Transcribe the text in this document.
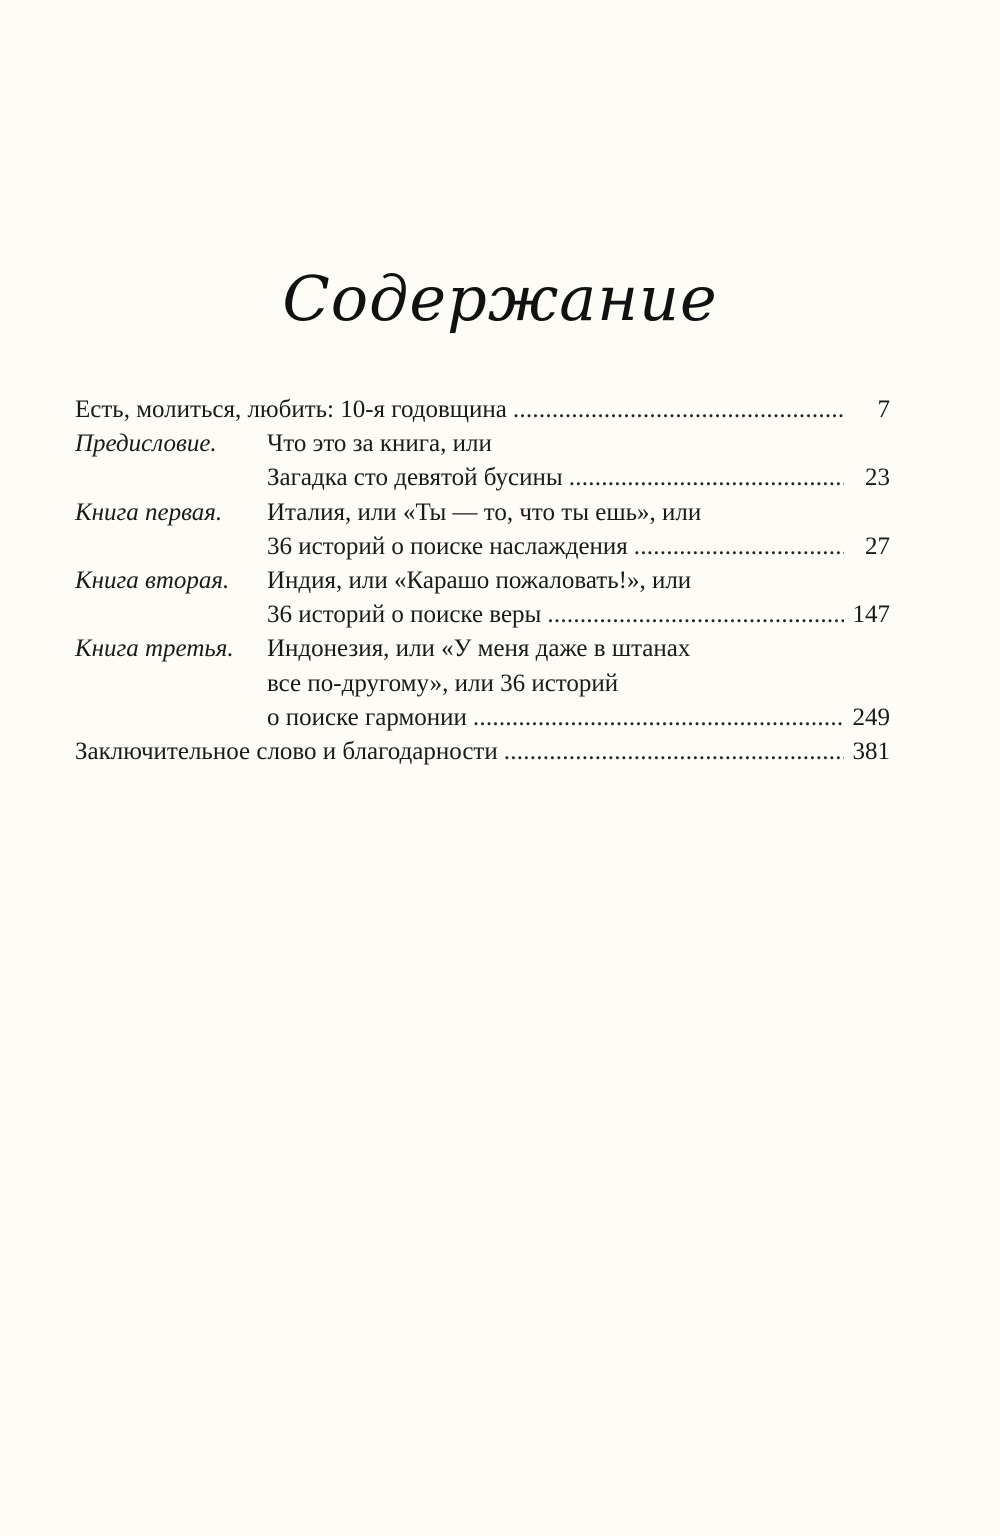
Содержание
Есть, молиться, любить: 10-я годовщина . . .	7
Предисловие. Что это за книга, или
Загадка сто девятой бусины . . .	23
Книга первая. Италия, или «Ты — то, что ты ешь», или
36 историй о поиске наслаждения . . .	27
Книга вторая. Индия, или «Карашо пожаловать!», или
36 историй о поиске веры . . .	147
Книга третья. Индонезия, или «У меня даже в штанах
все по-другому», или 36 историй
о поиске гармонии . . .	249
Заключительное слово и благодарности . . .	381
